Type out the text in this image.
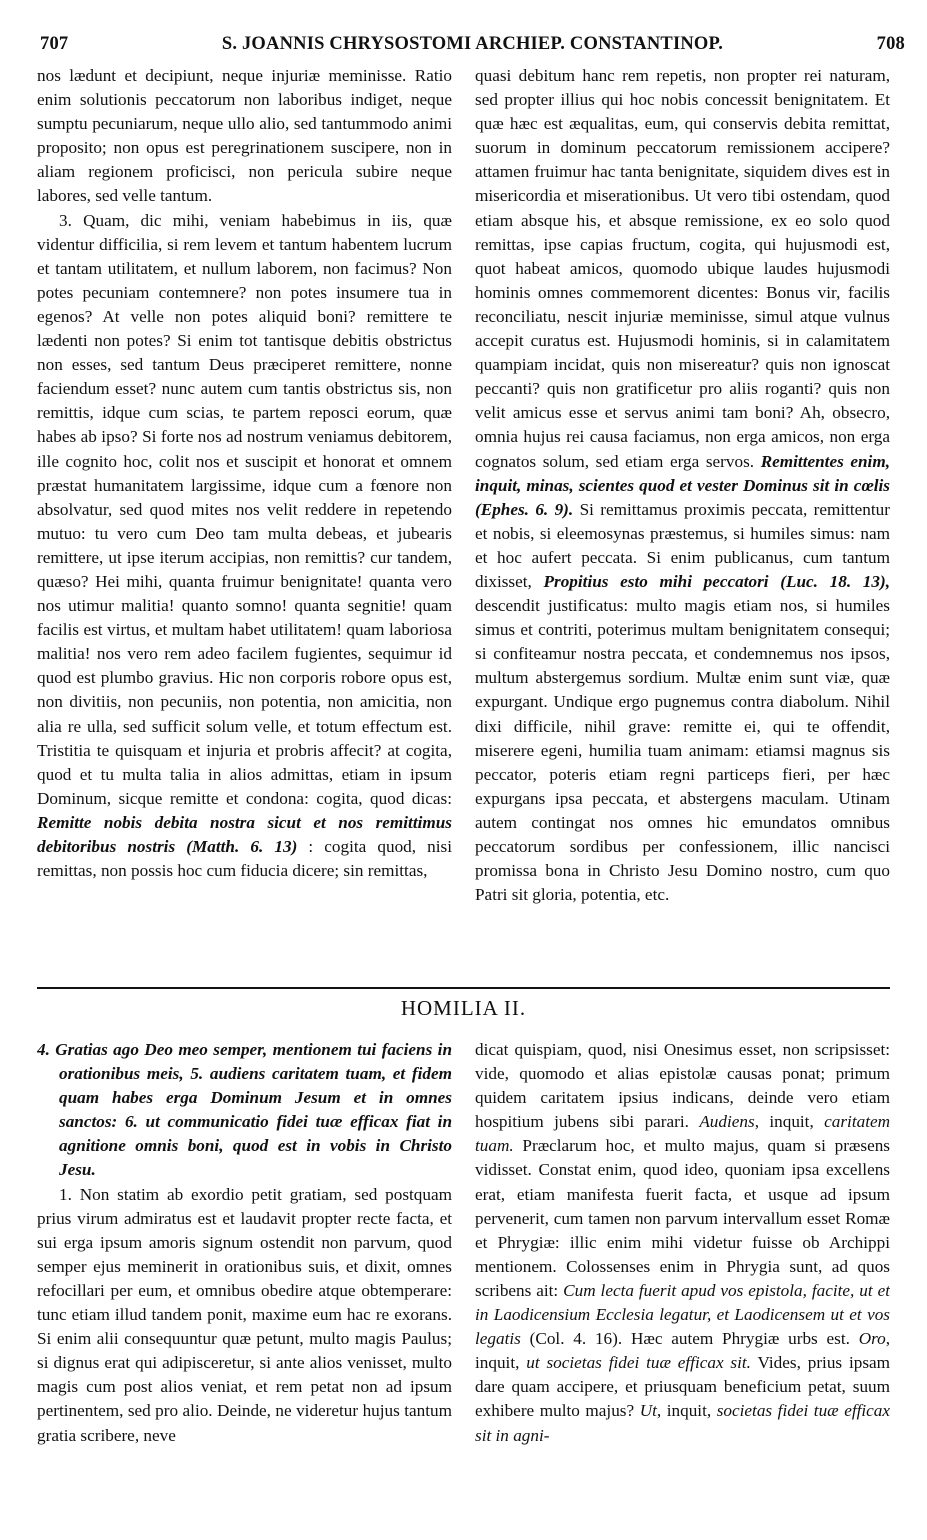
707	S. JOANNIS CHRYSOSTOMI ARCHIEP. CONSTANTINOP.	708

nos lædunt et decipiunt, neque injuriæ meminisse. Ratio enim solutionis peccatorum non laboribus indiget, neque sumptu pecuniarum, neque ullo alio, sed tantummodo animi proposito; non opus est peregrinationem suscipere, non in aliam regionem proficisci, non pericula subire neque labores, sed velle tantum.

3. Quam, dic mihi, veniam habebimus in iis, quæ videntur difficilia, si rem levem et tantum habentem lucrum et tantam utilitatem, et nullum laborem, non facimus? Non potes pecuniam contemnere? non potes insumere tua in egenos? At velle non potes aliquid boni? remittere te lædenti non potes? Si enim tot tantisque debitis obstrictus non esses, sed tantum Deus præciperet remittere, nonne faciendum esset? nunc autem cum tantis obstrictus sis, non remittis, idque cum scias, te partem reposci eorum, quæ habes ab ipso? Si forte nos ad nostrum veniamus debitorem, ille cognito hoc, colit nos et suscipit et honorat et omnem præstat humanitatem largissime, idque cum a fœnore non absolvatur, sed quod mites nos velit reddere in repetendo mutuo: tu vero cum Deo tam multa debeas, et jubearis remittere, ut ipse iterum accipias, non remittis? cur tandem, quæso? Hei mihi, quanta fruimur benignitate! quanta vero nos utimur malitia! quanto somno! quanta segnitie! quam facilis est virtus, et multam habet utilitatem! quam laboriosa malitia! nos vero rem adeo facilem fugientes, sequimur id quod est plumbo gravius. Hic non corporis robore opus est, non divitiis, non pecuniis, non potentia, non amicitia, non alia re ulla, sed sufficit solum velle, et totum effectum est. Tristitia te quisquam et injuria et probris affecit? at cogita, quod et tu multa talia in alios admittas, etiam in ipsum Dominum, sicque remitte et condona: cogita, quod dicas: Remitte nobis debita nostra sicut et nos remittimus debitoribus nostris (Matth. 6. 13) : cogita quod, nisi remittas, non possis hoc cum fiducia dicere; sin remittas,

quasi debitum hanc rem repetis, non propter rei naturam, sed propter illius qui hoc nobis concessit benignitatem. Et quæ hæc est æqualitas, eum, qui conservis debita remittat, suorum in dominum peccatorum remissionem accipere? attamen fruimur hac tanta benignitate, siquidem dives est in misericordia et miserationibus. Ut vero tibi ostendam, quod etiam absque his, et absque remissione, ex eo solo quod remittas, ipse capias fructum, cogita, qui hujusmodi est, quot habeat amicos, quomodo ubique laudes hujusmodi hominis omnes commemorent dicentes: Bonus vir, facilis reconciliatu, nescit injuriæ meminisse, simul atque vulnus accepit curatus est. Hujusmodi hominis, si in calamitatem quampiam incidat, quis non misereatur? quis non ignoscat peccanti? quis non gratificetur pro aliis roganti? quis non velit amicus esse et servus animi tam boni? Ah, obsecro, omnia hujus rei causa faciamus, non erga amicos, non erga cognatos solum, sed etiam erga servos. Remittentes enim, inquit, minas, scientes quod et vester Dominus sit in cœlis (Ephes. 6. 9). Si remittamus proximis peccata, remittentur et nobis, si eleemosynas præstemus, si humiles simus: nam et hoc aufert peccata. Si enim publicanus, cum tantum dixisset, Propitius esto mihi peccatori (Luc. 18. 13), descendit justificatus: multo magis etiam nos, si humiles simus et contriti, poterimus multam benignitatem consequi; si confiteamur nostra peccata, et condemnemus nos ipsos, multum abstergemus sordium. Multæ enim sunt viæ, quæ expurgant. Undique ergo pugnemus contra diabolum. Nihil dixi difficile, nihil grave: remitte ei, qui te offendit, miserere egeni, humilia tuam animam: etiamsi magnus sis peccator, poteris etiam regni particeps fieri, per hæc expurgans ipsa peccata, et abstergens maculam. Utinam autem contingat nos omnes hic emundatos omnibus peccatorum sordibus per confessionem, illic nancisci promissa bona in Christo Jesu Domino nostro, cum quo Patri sit gloria, potentia, etc.

HOMILIA II.

4. Gratias ago Deo meo semper, mentionem tui faciens in orationibus meis, 5. audiens caritatem tuam, et fidem quam habes erga Dominum Jesum et in omnes sanctos: 6. ut communicatio fidei tuæ efficax fiat in agnitione omnis boni, quod est in vobis in Christo Jesu.

1. Non statim ab exordio petit gratiam, sed postquam prius virum admiratus est et laudavit propter recte facta, et sui erga ipsum amoris signum ostendit non parvum, quod semper ejus meminerit in orationibus suis, et dixit, omnes refocillari per eum, et omnibus obedire atque obtemperare: tunc etiam illud tandem ponit, maxime eum hac re exorans. Si enim alii consequuntur quæ petunt, multo magis Paulus; si dignus erat qui adipisceretur, si ante alios venisset, multo magis cum post alios veniat, et rem petat non ad ipsum pertinentem, sed pro alio. Deinde, ne videretur hujus tantum gratia scribere, neve

dicat quispiam, quod, nisi Onesimus esset, non scripsisset: vide, quomodo et alias epistolæ causas ponat; primum quidem caritatem ipsius indicans, deinde vero etiam hospitium jubens sibi parari. Audiens, inquit, caritatem tuam. Præclarum hoc, et multo majus, quam si præsens vidisset. Constat enim, quod ideo, quoniam ipsa excellens erat, etiam manifesta fuerit facta, et usque ad ipsum pervenerit, cum tamen non parvum intervallum esset Romæ et Phrygiæ: illic enim mihi videtur fuisse ob Archippi mentionem. Colossenses enim in Phrygia sunt, ad quos scribens ait: Cum lecta fuerit apud vos epistola, facite, ut et in Laodicensium Ecclesia legatur, et Laodicensem ut et vos legatis (Col. 4. 16). Hæc autem Phrygiæ urbs est. Oro, inquit, ut societas fidei tuæ efficax sit. Vides, prius ipsam dare quam accipere, et priusquam beneficium petat, suum exhibere multo majus? Ut, inquit, societas fidei tuæ efficax sit in agni-
